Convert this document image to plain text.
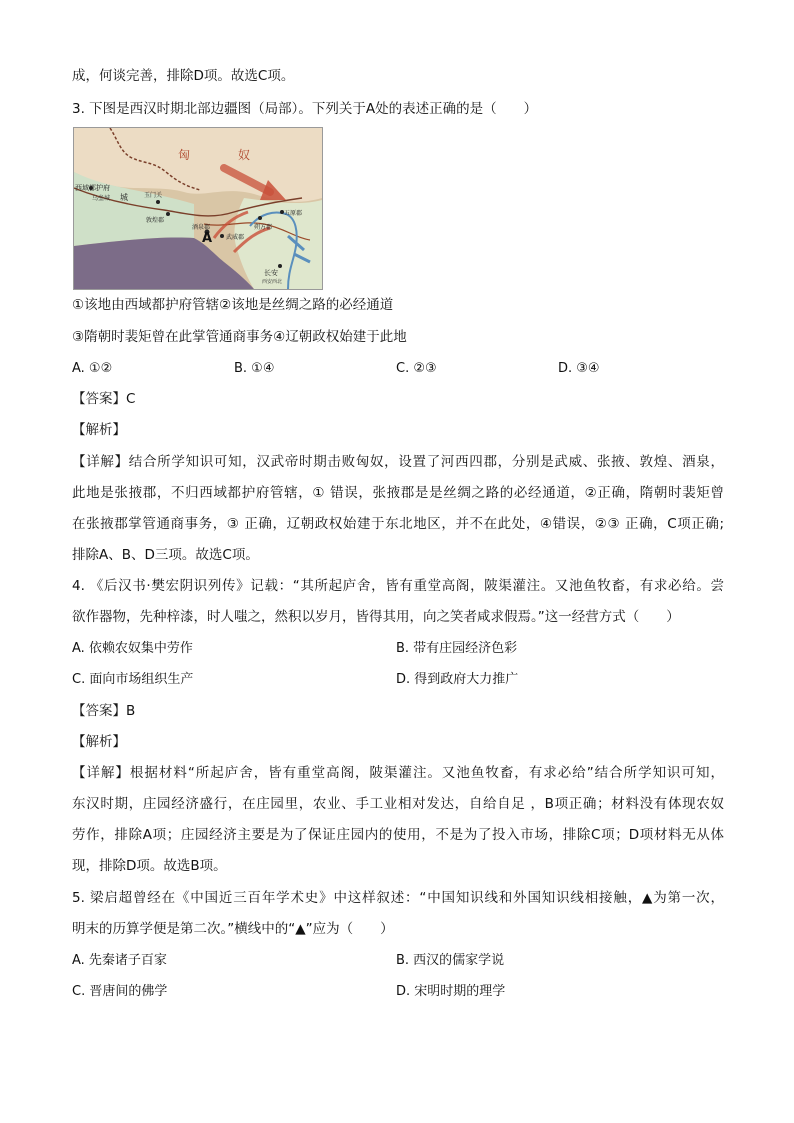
成，何谈完善，排除D项。故选C项。
3. 下图是西汉时期北部边疆图（局部）。下列关于A处的表述正确的是（　　）
匈	奴
西域都护府
乌垒城 城	玉门关
敦煌郡
酒泉郡
A 武威郡
朔方郡
五原郡
长安
西安西北
①该地由西域都护府管辖②该地是丝绸之路的必经通道
③隋朝时裴矩曾在此掌管通商事务④辽朝政权始建于此地
A. ①②	B. ①④	C. ②③	D. ③④
【答案】C
【解析】
【详解】结合所学知识可知，汉武帝时期击败匈奴，设置了河西四郡，分别是武威、张掖、敦煌、酒泉，
此地是张掖郡，不归西域都护府管辖，① 错误，张掖郡是是丝绸之路的必经通道，②正确，隋朝时裴矩曾
在张掖郡掌管通商事务，③ 正确，辽朝政权始建于东北地区，并不在此处，④错误，②③ 正确，C项正确;
排除A、B、D三项。故选C项。
4. 《后汉书·樊宏阴识列传》记载：“其所起庐舍，皆有重堂高阁，陂渠灌注。又池鱼牧畜，有求必给。尝
欲作器物，先种梓漆，时人嗤之，然积以岁月，皆得其用，向之笑者咸求假焉。”这一经营方式（　　）
A. 依赖农奴集中劳作	B. 带有庄园经济色彩
C. 面向市场组织生产	D. 得到政府大力推广
【答案】B
【解析】
【详解】根据材料“所起庐舍，皆有重堂高阁，陂渠灌注。又池鱼牧畜，有求必给”结合所学知识可知，
东汉时期，庄园经济盛行，在庄园里，农业、手工业相对发达，自给自足 ，B项正确；材料没有体现农奴
劳作，排除A项；庄园经济主要是为了保证庄园内的使用，不是为了投入市场，排除C项；D项材料无从体
现，排除D项。故选B项。
5. 梁启超曾经在《中国近三百年学术史》中这样叙述：“中国知识线和外国知识线相接触，▲为第一次，
明末的历算学便是第二次。”横线中的“▲”应为（　　）
A. 先秦诸子百家	B. 西汉的儒家学说
C. 晋唐间的佛学	D. 宋明时期的理学
